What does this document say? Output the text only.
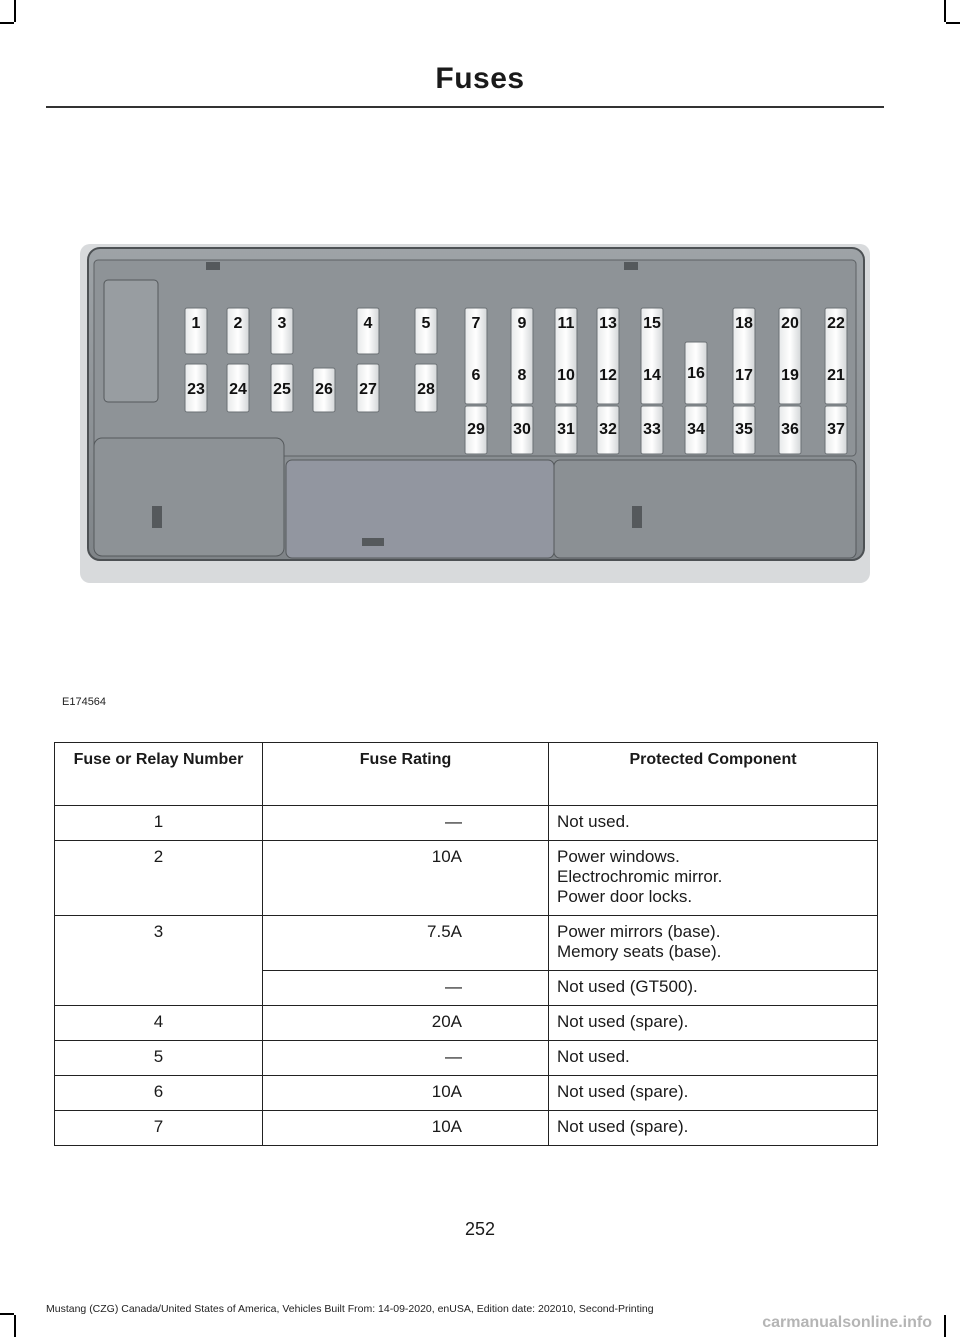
Fuses
1 2 3	4	5	7 9 11 13 15	18 20 22
23 24 25 26 27	28
6 8 10 12 14 16 17 19 21
29 30 31 32 33 34 35 36 37
E174564
Fuse or Relay Number	Fuse Rating	Protected Component
1	—	Not used.

2	10A	Power windows.
Electrochromic mirror.
Power door locks.

3	7.5A	Power mirrors (base).
Memory seats (base).

	—	Not used (GT500).

4	20A	Not used (spare).

5	—	Not used.

6	10A	Not used (spare).

7	10A	Not used (spare).
252
Mustang (CZG) Canada/United States of America, Vehicles Built From: 14-09-2020, enUSA, Edition date: 202010, Second-Printing
carmanualsonline.info
